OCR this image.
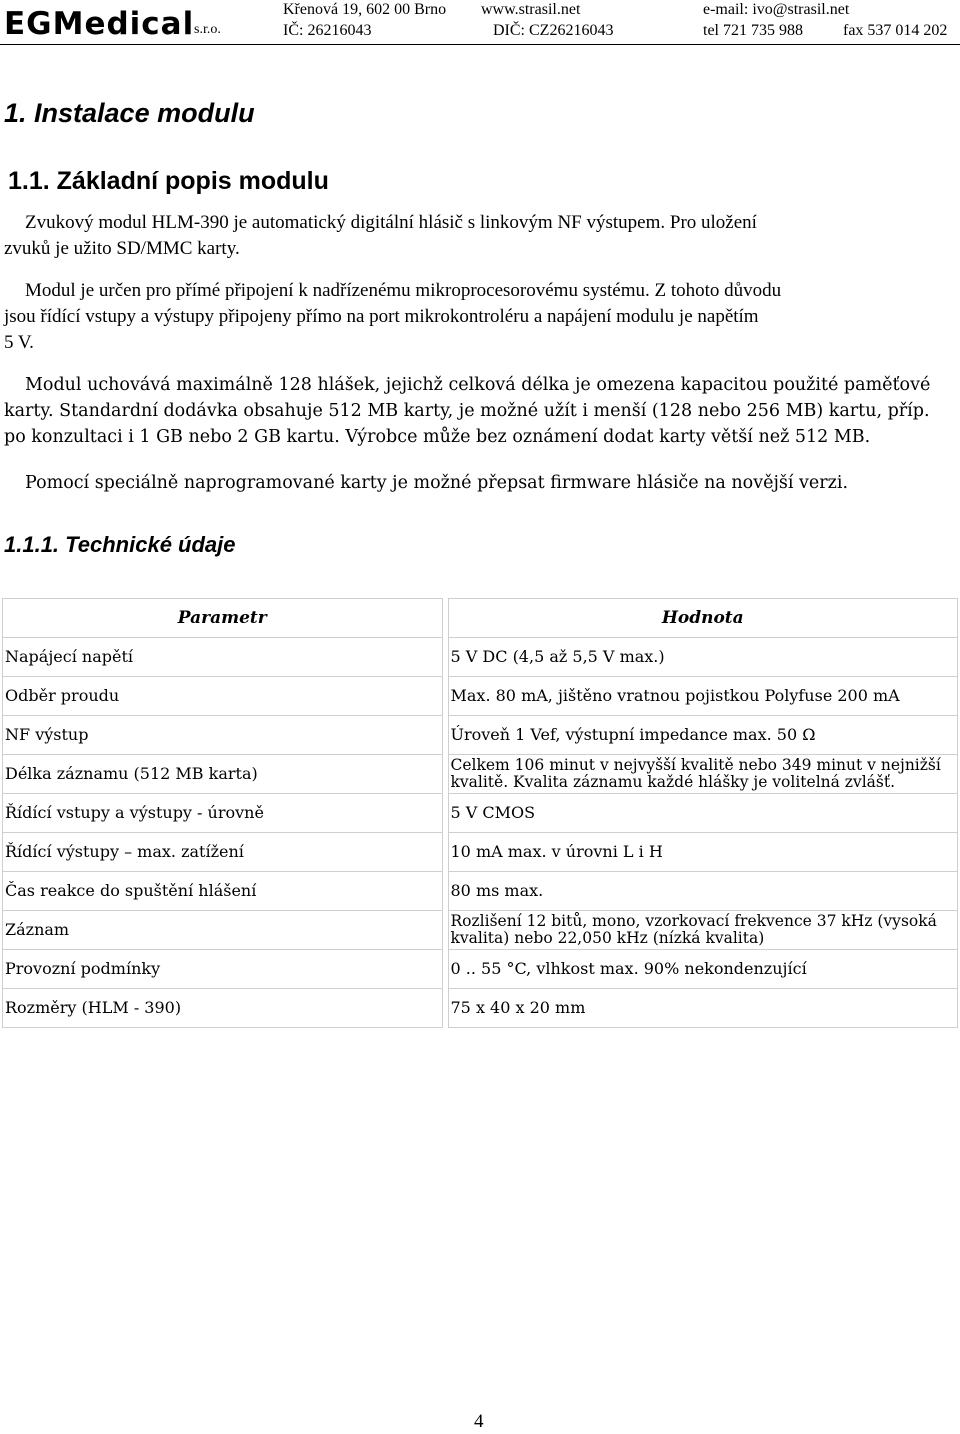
EGMedical s.r.o.
Křenová 19, 602 00 Brno
IČ: 26216043
www.strasil.net
DIČ: CZ26216043
e-mail: ivo@strasil.net
tel 721 735 988	fax 537 014 202
1. Instalace modulu
1.1. Základní popis modulu
Zvukový modul HLM-390 je automatický digitální hlásič s linkovým NF výstupem. Pro uložení
zvuků je užito SD/MMC karty.
Modul je určen pro přímé připojení k nadřízenému mikroprocesorovému systému. Z tohoto důvodu
jsou řídící vstupy a výstupy připojeny přímo na port mikrokontroléru a napájení modulu je napětím
5 V.
Modul uchovává maximálně 128 hlášek, jejichž celková délka je omezena kapacitou použité paměťové
karty. Standardní dodávka obsahuje 512 MB karty, je možné užít i menší (128 nebo 256 MB) kartu, příp.
po konzultaci i 1 GB nebo 2 GB kartu. Výrobce může bez oznámení dodat karty větší než 512 MB.
Pomocí speciálně naprogramované karty je možné přepsat firmware hlásiče na novější verzi.
1.1.1. Technické údaje
Parametr		Hodnota
Napájecí napětí		5 V DC (4,5 až 5,5 V max.)
Odběr proudu		Max. 80 mA, jištěno vratnou pojistkou Polyfuse 200 mA
NF výstup		Úroveň 1 Vef, výstupní impedance max. 50 Ω
Délka záznamu (512 MB karta)		Celkem 106 minut v nejvyšší kvalitě nebo 349 minut v nejnižší kvalitě. Kvalita záznamu každé hlášky je volitelná zvlášť.
Řídící vstupy a výstupy - úrovně		5 V CMOS
Řídící výstupy – max. zatížení		10 mA max. v úrovni L i H
Čas reakce do spuštění hlášení		80 ms max.
Záznam		Rozlišení 12 bitů, mono, vzorkovací frekvence 37 kHz (vysoká kvalita) nebo 22,050 kHz (nízká kvalita)
Provozní podmínky		0 .. 55 °C, vlhkost max. 90% nekondenzující
Rozměry (HLM - 390)		75 x 40 x 20 mm
4
